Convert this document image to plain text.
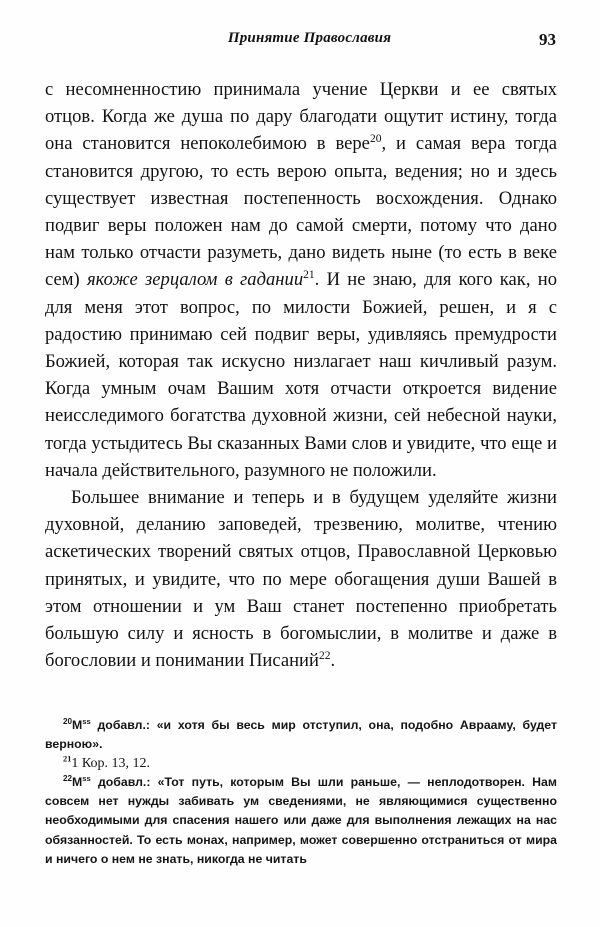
Принятие Православия	93

с несомненностию принимала учение Церкви и ее святых отцов. Когда же душа по дару благодати ощутит истину, тогда она становится непоколебимою в вере$^{20}$, и самая вера тогда становится другою, то есть верою опыта, ведения; но и здесь существует известная постепенность восхождения. Однако подвиг веры положен нам до самой смерти, потому что дано нам только отчасти разуметь, дано видеть ныне (то есть в веке сем) якоже зерцалом в гадании$^{21}$. И не знаю, для кого как, но для меня этот вопрос, по милости Божией, решен, и я с радостию принимаю сей подвиг веры, удивляясь премудрости Божией, которая так искусно низлагает наш кичливый разум. Когда умным очам Вашим хотя отчасти откроется видение неисследимого богатства духовной жизни, сей небесной науки, тогда устыдитесь Вы сказанных Вами слов и увидите, что еще и начала действительного, разумного не положили.

Большее внимание и теперь и в будущем уделяйте жизни духовной, деланию заповедей, трезвению, молитве, чтению аскетических творений святых отцов, Православной Церковью принятых, и увидите, что по мере обогащения души Вашей в этом отношении и ум Ваш станет постепенно приобретать большую силу и ясность в богомыслии, в молитве и даже в богословии и понимании Писаний$^{22}$.

$^{20}М^{ss}$ добавл.: «и хотя бы весь мир отступил, она, подобно Аврааму, будет верною».

$^{21}$1 Кор. 13, 12.

$^{22}М^{ss}$ добавл.: «Тот путь, которым Вы шли раньше, — неплодотворен. Нам совсем нет нужды забивать ум сведениями, не являющимися существенно необходимыми для спасения нашего или даже для выполнения лежащих на нас обязанностей. То есть монах, например, может совершенно отстраниться от мира и ничего о нем не знать, никогда не читать
